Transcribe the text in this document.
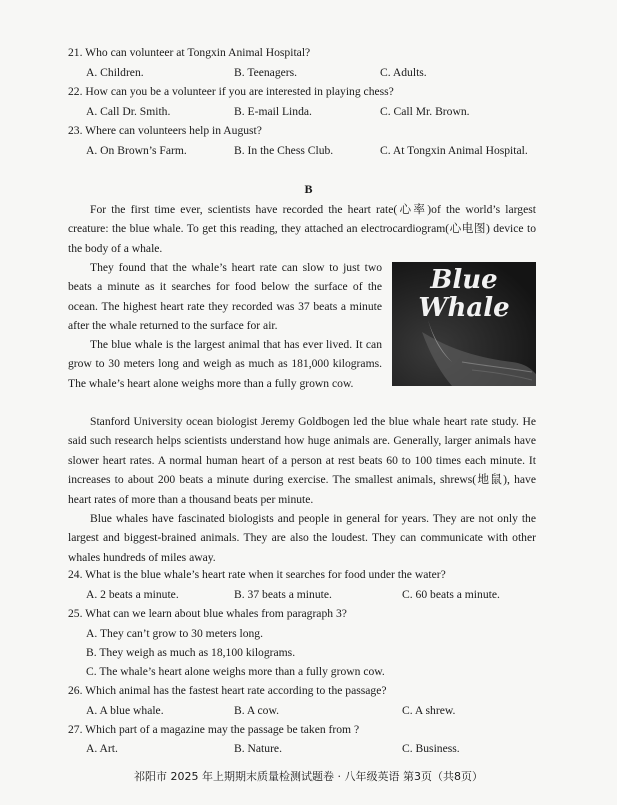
21. Who can volunteer at Tongxin Animal Hospital?
A. Children.	B. Teenagers.	C. Adults.
22. How can you be a volunteer if you are interested in playing chess?
A. Call Dr. Smith.	B. E-mail Linda.	C. Call Mr. Brown.
23. Where can volunteers help in August?
A. On Brown’s Farm.	B. In the Chess Club.	C. At Tongxin Animal Hospital.
B
For the first time ever, scientists have recorded the heart rate(心率)of the world’s largest creature: the blue whale. To get this reading, they attached an electrocardiogram(心电图) device to the body of a whale.
They found that the whale’s heart rate can slow to just two beats a minute as it searches for food below the surface of the ocean. The highest heart rate they recorded was 37 beats a minute after the whale returned to the surface for air.
The blue whale is the largest animal that has ever lived. It can grow to 30 meters long and weigh as much as 181,000 kilograms. The whale’s heart alone weighs more than a fully grown cow.
Stanford University ocean biologist Jeremy Goldbogen led the blue whale heart rate study. He said such research helps scientists understand how huge animals are. Generally, larger animals have slower heart rates. A normal human heart of a person at rest beats 60 to 100 times each minute. It increases to about 200 beats a minute during exercise. The smallest animals, shrews(地鼠), have heart rates of more than a thousand beats per minute.
Blue whales have fascinated biologists and people in general for years. They are not only the largest and biggest-brained animals. They are also the loudest. They can communicate with other whales hundreds of miles away.
Blue
Whale
24. What is the blue whale’s heart rate when it searches for food under the water?
A. 2 beats a minute.	B. 37 beats a minute.	C. 60 beats a minute.
25. What can we learn about blue whales from paragraph 3?
A. They can’t grow to 30 meters long.
B. They weigh as much as 18,100 kilograms.
C. The whale’s heart alone weighs more than a fully grown cow.
26. Which animal has the fastest heart rate according to the passage?
A. A blue whale.	B. A cow.	C. A shrew.
27. Which part of a magazine may the passage be taken from ?
A. Art.	B. Nature.	C. Business.
祁阳市 2025 年上期期末质量检测试题卷 · 八年级英语 第3页（共8页）
